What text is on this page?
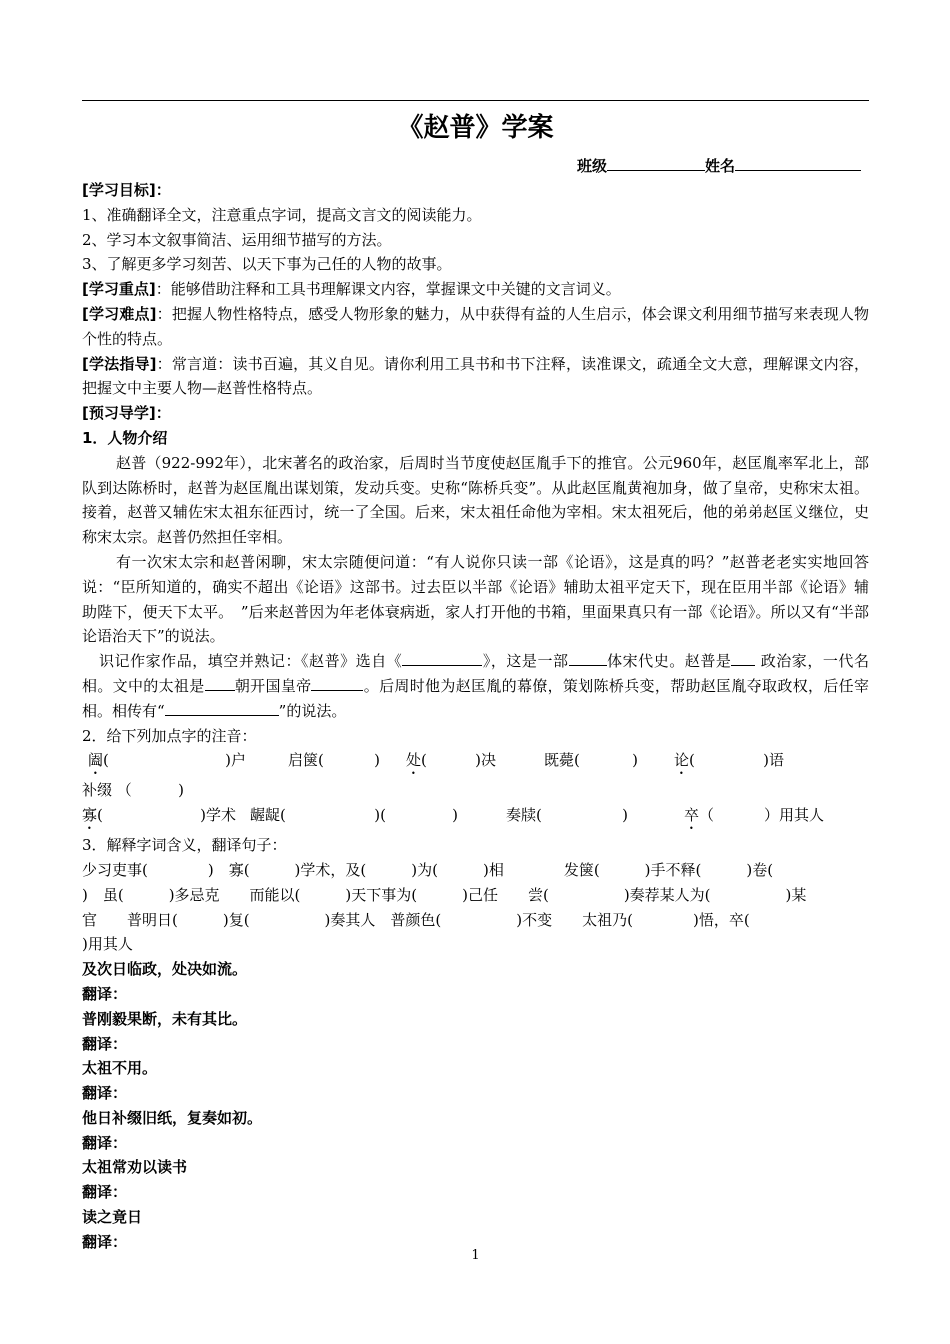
《赵普》学案
班级	姓名
[学习目标]：
1、准确翻译全文，注意重点字词，提高文言文的阅读能力。
2、学习本文叙事简洁、运用细节描写的方法。
3、了解更多学习刻苦、以天下事为己任的人物的故事。
[学习重点]：能够借助注释和工具书理解课文内容，掌握课文中关键的文言词义。
[学习难点]：把握人物性格特点，感受人物形象的魅力，从中获得有益的人生启示，体会课文利用细节描写来表现人物个性的特点。
[学法指导]：常言道：读书百遍，其义自见。请你利用工具书和书下注释，读准课文，疏通全文大意，理解课文内容，把握文中主要人物—赵普性格特点。
[预习导学]：
1．人物介绍
赵普（922-992年），北宋著名的政治家，后周时当节度使赵匡胤手下的推官。公元960年，赵匡胤率军北上，部队到达陈桥时，赵普为赵匡胤出谋划策，发动兵变。史称“陈桥兵变”。从此赵匡胤黄袍加身，做了皇帝，史称宋太祖。接着，赵普又辅佐宋太祖东征西讨，统一了全国。后来，宋太祖任命他为宰相。宋太祖死后，他的弟弟赵匡义继位，史称宋太宗。赵普仍然担任宰相。
有一次宋太宗和赵普闲聊，宋太宗随便问道：“有人说你只读一部《论语》，这是真的吗？”赵普老老实实地回答说：“臣所知道的，确实不超出《论语》这部书。过去臣以半部《论语》辅助太祖平定天下，现在臣用半部《论语》辅助陛下，便天下太平。　”后来赵普因为年老体衰病逝，家人打开他的书箱，里面果真只有一部《论语》。所以又有“半部论语治天下”的说法。
识记作家作品，填空并熟记：《赵普》选自《	》，这是一部	体宋代史。赵普是 政治家，一代名相。文中的太祖是 朝开国皇帝	。后周时他为赵匡胤的幕僚，策划陈桥兵变，帮助赵匡胤夺取政权，后任宰相。相传有“	”的说法。
2．给下列加点字的注音：
阖(	)户	启箧(	) 处(	)决	既薨(	) 论(	)语
补缀 （	)
寡(	)学术 龌龊(	)(	)	奏牍(	)	卒（	）用其人
3．解释字词含义，翻译句子：
少习吏事(　　　　)　寡(　　　)学术，及(　　　)为(　　　)相　　　　发箧(　　　)手不释(　　　)卷(
)　虽(　　　)多忌克　　而能以(　　　)天下事为(　　　)己任　　尝(　　　　　)奏荐某人为(　　　　　)某
官　　普明日(　　　)复(　　　　　)奏其人　普颜色(　　　　　)不变　　太祖乃(　　　　)悟，卒(
)用其人
及次日临政，处决如流。
翻译：
普刚毅果断，未有其比。
翻译：
太祖不用。
翻译：
他日补缀旧纸，复奏如初。
翻译：
太祖常劝以读书
翻译：
读之竟日
翻译：
1
